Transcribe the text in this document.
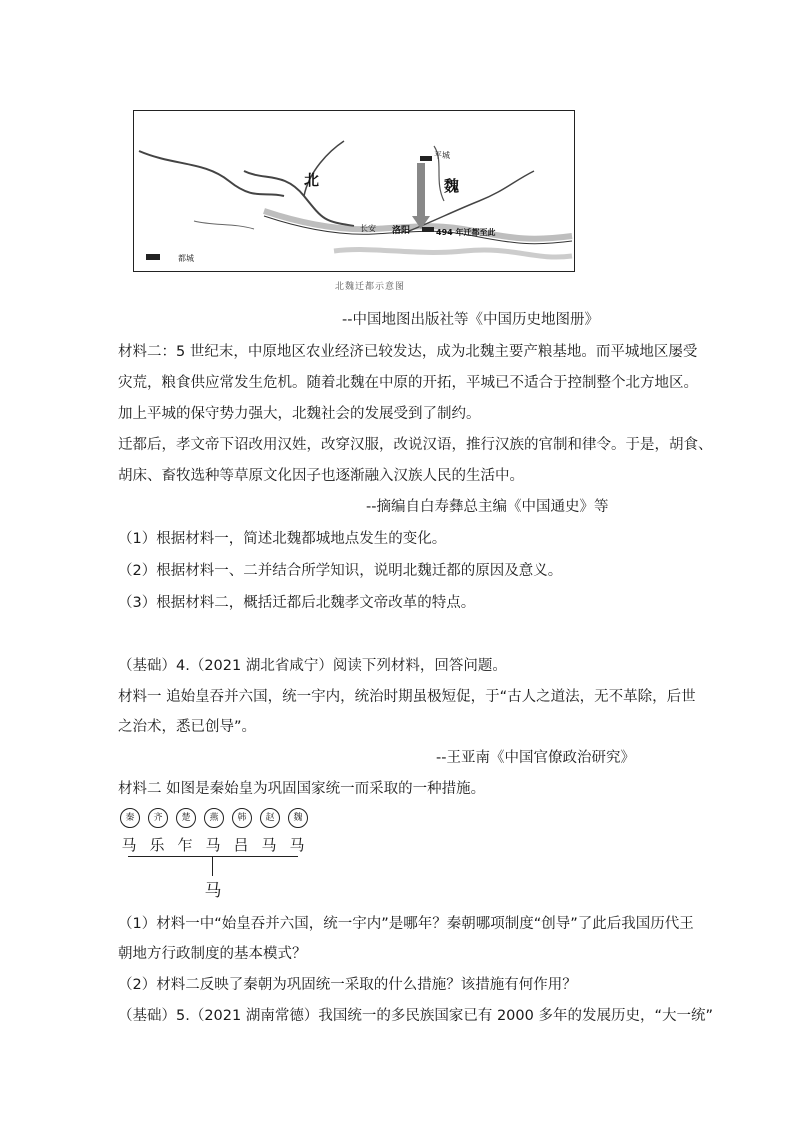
北	魏
平城
长安 洛阳	494 年迁都至此
都城
北魏迁都示意图
--中国地图出版社等《中国历史地图册》
材料二：5 世纪末，中原地区农业经济已较发达，成为北魏主要产粮基地。而平城地区屡受
灾荒，粮食供应常发生危机。随着北魏在中原的开拓，平城已不适合于控制整个北方地区。
加上平城的保守势力强大，北魏社会的发展受到了制约。
迁都后，孝文帝下诏改用汉姓，改穿汉服，改说汉语，推行汉族的官制和律令。于是，胡食、
胡床、畜牧选种等草原文化因子也逐渐融入汉族人民的生活中。
--摘编自白寿彝总主编《中国通史》等
（1）根据材料一，简述北魏都城地点发生的变化。
（2）根据材料一、二并结合所学知识，说明北魏迁都的原因及意义。
（3）根据材料二，概括迁都后北魏孝文帝改革的特点。
（基础）4.（2021 湖北省咸宁）阅读下列材料，回答问题。
材料一 追始皇吞并六国，统一宇内，统治时期虽极短促，于“古人之道法，无不革除，后世
之治术，悉已创导”。
--王亚南《中国官僚政治研究》
材料二 如图是秦始皇为巩固国家统一而采取的一种措施。
秦	齐	楚	燕	韩	赵	魏
马 乐 乍 马 吕 马 马
马
（1）材料一中“始皇吞并六国，统一宇内”是哪年？秦朝哪项制度“创导”了此后我国历代王
朝地方行政制度的基本模式？
（2）材料二反映了秦朝为巩固统一采取的什么措施？该措施有何作用？
（基础）5.（2021 湖南常德）我国统一的多民族国家已有 2000 多年的发展历史，“大一统”
